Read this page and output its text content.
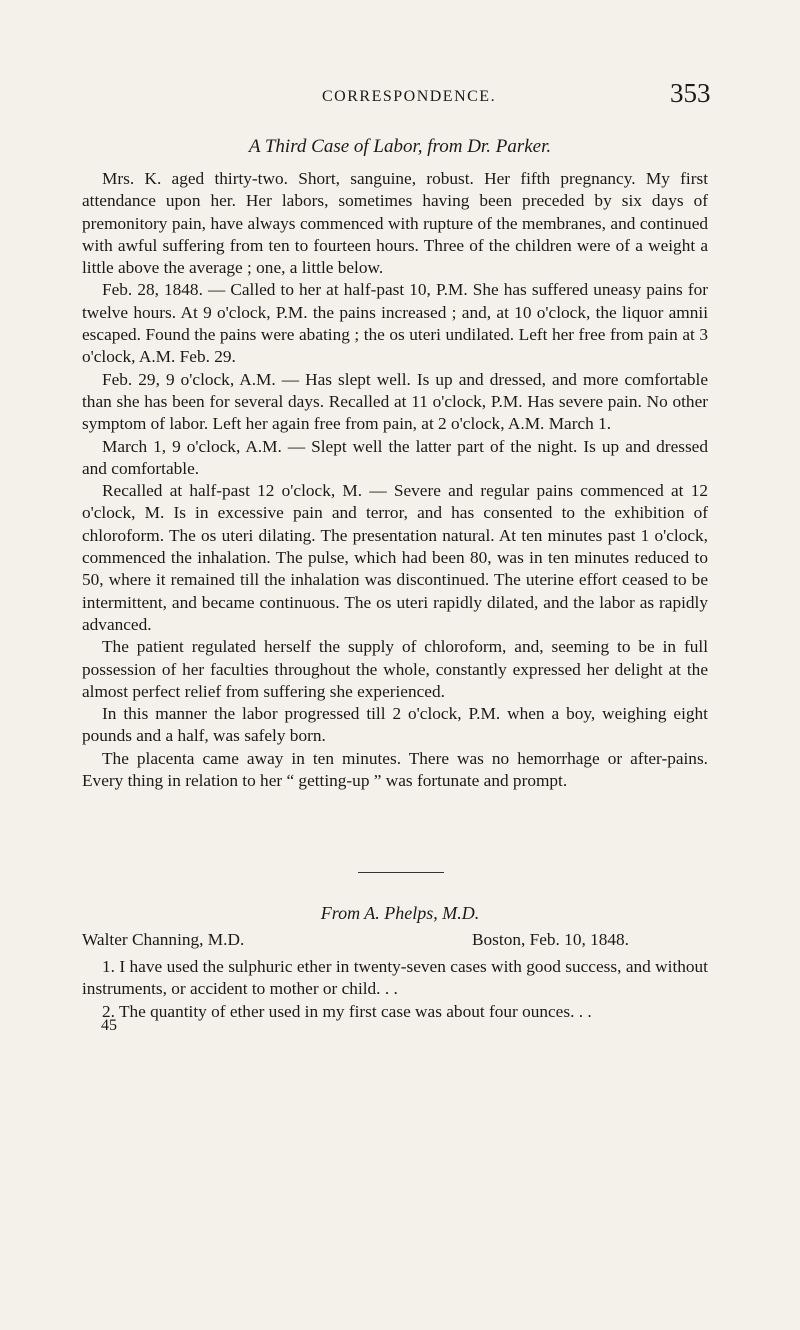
CORRESPONDENCE.	353
A Third Case of Labor, from Dr. Parker.

Mrs. K. aged thirty-two. Short, sanguine, robust. Her fifth pregnancy. My first attendance upon her. Her labors, sometimes having been preceded by six days of premonitory pain, have always commenced with rupture of the membranes, and continued with awful suffering from ten to fourteen hours. Three of the children were of a weight a little above the average ; one, a little below.

Feb. 28, 1848. — Called to her at half-past 10, P.M. She has suffered uneasy pains for twelve hours. At 9 o'clock, P.M. the pains increased ; and, at 10 o'clock, the liquor amnii escaped. Found the pains were abating ; the os uteri undilated. Left her free from pain at 3 o'clock, A.M. Feb. 29.

Feb. 29, 9 o'clock, A.M. — Has slept well. Is up and dressed, and more comfortable than she has been for several days. Recalled at 11 o'clock, P.M. Has severe pain. No other symptom of labor. Left her again free from pain, at 2 o'clock, A.M. March 1.

March 1, 9 o'clock, A.M. — Slept well the latter part of the night. Is up and dressed and comfortable.

Recalled at half-past 12 o'clock, M. — Severe and regular pains commenced at 12 o'clock, M. Is in excessive pain and terror, and has consented to the exhibition of chloroform. The os uteri dilating. The presentation natural. At ten minutes past 1 o'clock, commenced the inhalation. The pulse, which had been 80, was in ten minutes reduced to 50, where it remained till the inhalation was discontinued. The uterine effort ceased to be intermittent, and became continuous. The os uteri rapidly dilated, and the labor as rapidly advanced.

The patient regulated herself the supply of chloroform, and, seeming to be in full possession of her faculties throughout the whole, constantly expressed her delight at the almost perfect relief from suffering she experienced.

In this manner the labor progressed till 2 o'clock, P.M. when a boy, weighing eight pounds and a half, was safely born.

The placenta came away in ten minutes. There was no hemorrhage or after-pains. Every thing in relation to her “ getting-up ” was fortunate and prompt.

From A. Phelps, M.D.
Walter Channing, M.D.	Boston, Feb. 10, 1848.

1. I have used the sulphuric ether in twenty-seven cases with good success, and without instruments, or accident to mother or child. . .

2. The quantity of ether used in my first case was about four ounces. . .

45
